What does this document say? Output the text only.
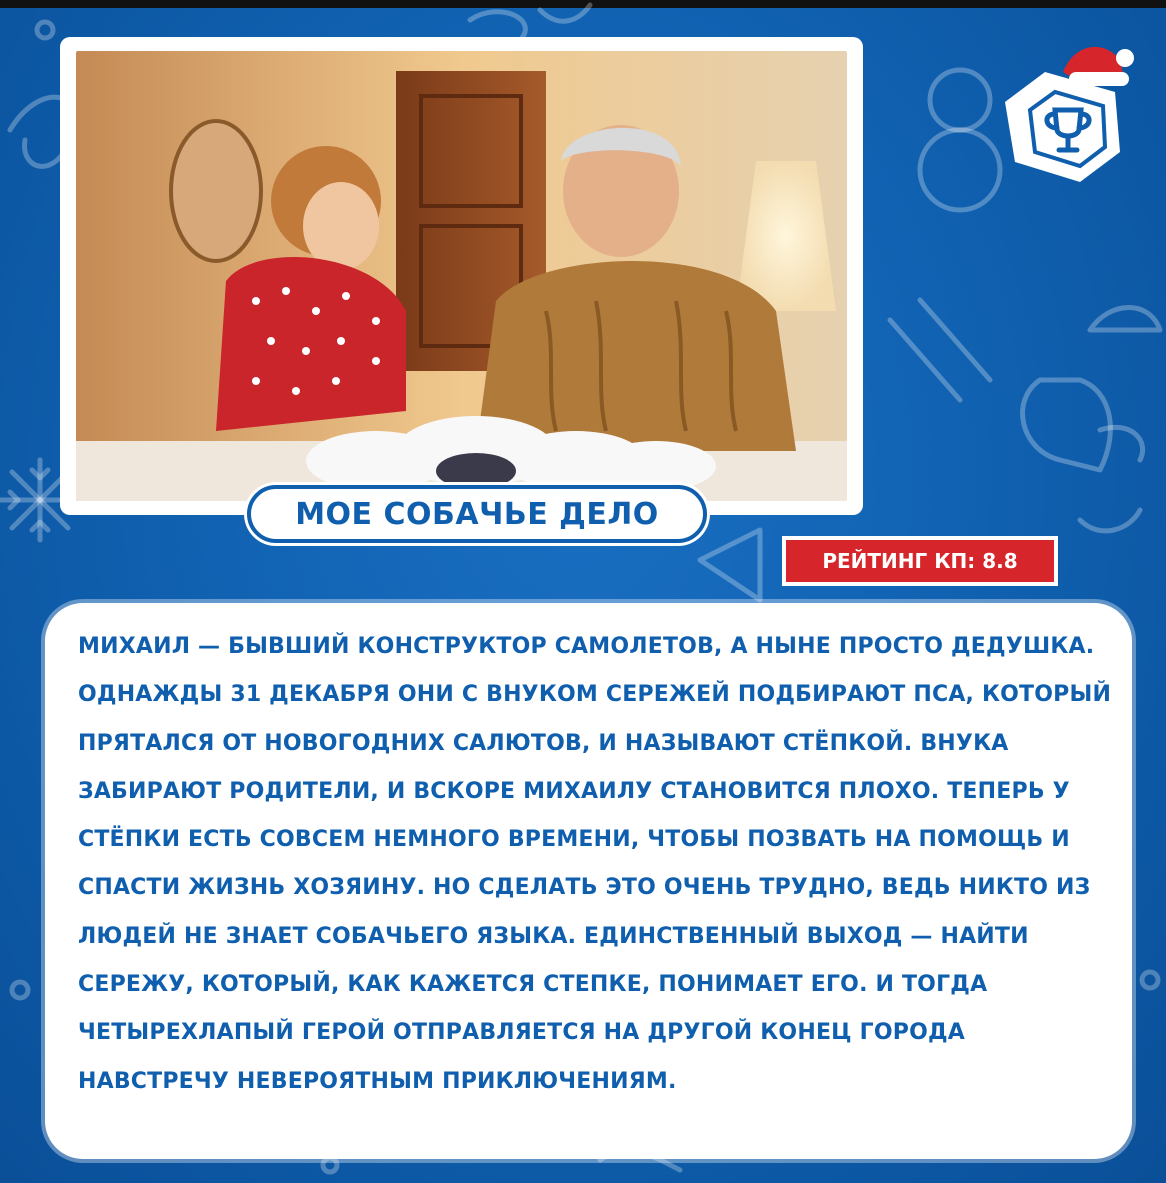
МОЕ СОБАЧЬЕ ДЕЛО
РЕЙТИНГ КП: 8.8

МИХАИЛ — БЫВШИЙ КОНСТРУКТОР САМОЛЕТОВ, А НЫНЕ ПРОСТО ДЕДУШКА. ОДНАЖДЫ 31 ДЕКАБРЯ ОНИ С ВНУКОМ СЕРЕЖЕЙ ПОДБИРАЮТ ПСА, КОТОРЫЙ ПРЯТАЛСЯ ОТ НОВОГОДНИХ САЛЮТОВ, И НАЗЫВАЮТ СТЁПКОЙ. ВНУКА ЗАБИРАЮТ РОДИТЕЛИ, И ВСКОРЕ МИХАИЛУ СТАНОВИТСЯ ПЛОХО. ТЕПЕРЬ У СТЁПКИ ЕСТЬ СОВСЕМ НЕМНОГО ВРЕМЕНИ, ЧТОБЫ ПОЗВАТЬ НА ПОМОЩЬ И СПАСТИ ЖИЗНЬ ХОЗЯИНУ. НО СДЕЛАТЬ ЭТО ОЧЕНЬ ТРУДНО, ВЕДЬ НИКТО ИЗ ЛЮДЕЙ НЕ ЗНАЕТ СОБАЧЬЕГО ЯЗЫКА. ЕДИНСТВЕННЫЙ ВЫХОД — НАЙТИ СЕРЕЖУ, КОТОРЫЙ, КАК КАЖЕТСЯ СТЕПКЕ, ПОНИМАЕТ ЕГО. И ТОГДА ЧЕТЫРЕХЛАПЫЙ ГЕРОЙ ОТПРАВЛЯЕТСЯ НА ДРУГОЙ КОНЕЦ ГОРОДА НАВСТРЕЧУ НЕВЕРОЯТНЫМ ПРИКЛЮЧЕНИЯМ.
